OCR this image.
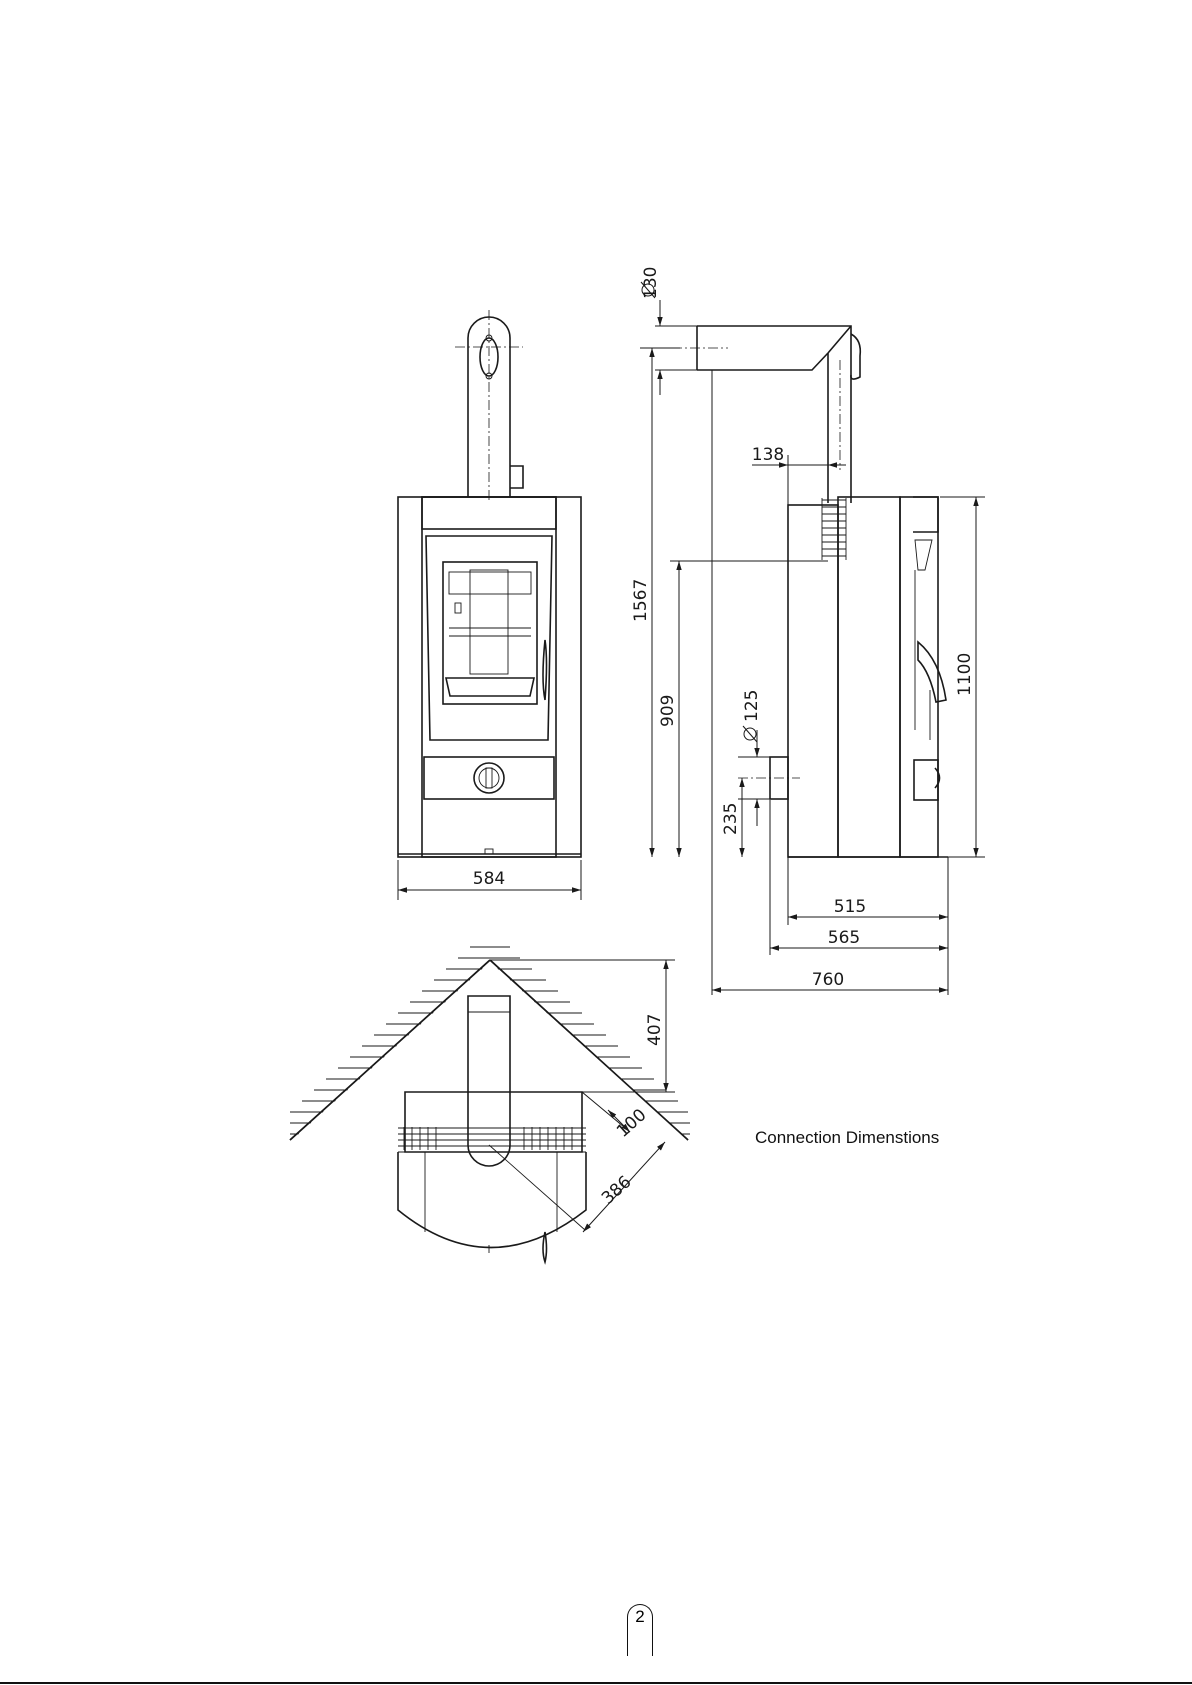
584
130
1567
909
138
125
235
1100
515
565
760
407
100
386
Connection Dimenstions
2
